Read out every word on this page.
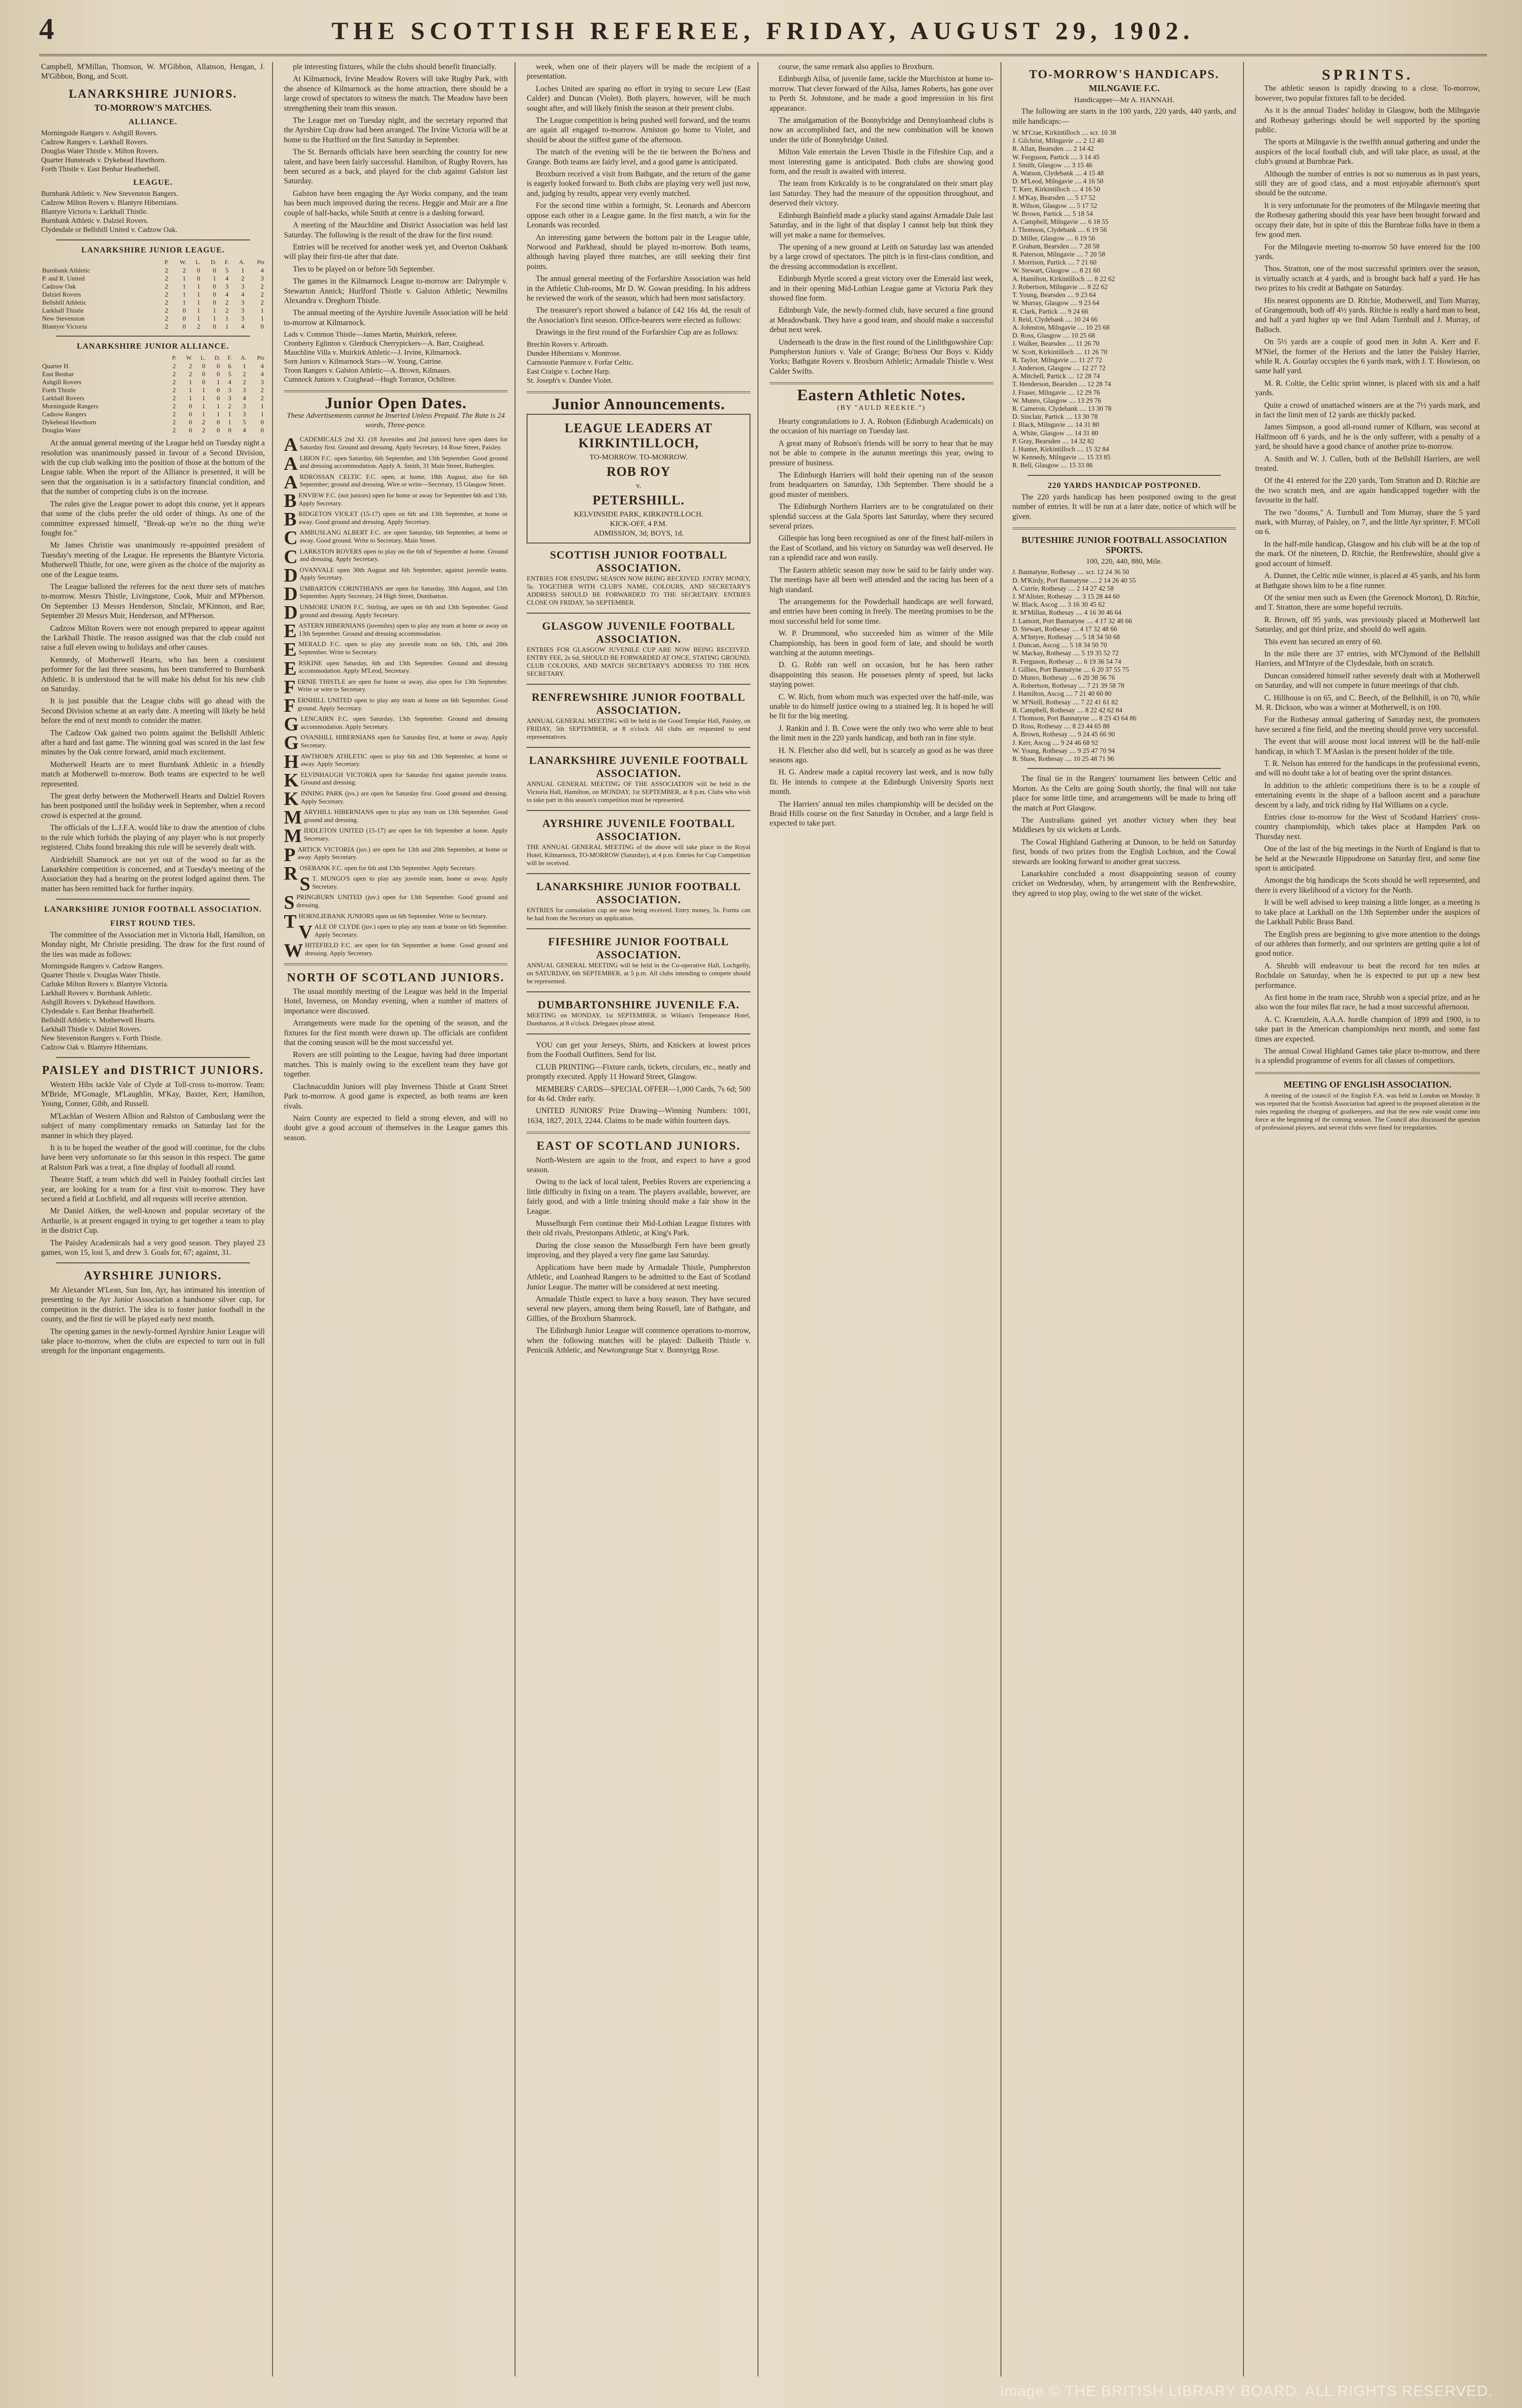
4	THE SCOTTISH REFEREE, FRIDAY, AUGUST 29, 1902.

Campbell, M'Millan, Thomson, W. M'Gibbon, Allanson, Hengan, J. M'Gibbon, Bong, and Scott.

LANARKSHIRE JUNIORS.
TO-MORROW'S MATCHES.
ALLIANCE.
Morningside Rangers v. Ashgill Rovers.
Cadzow Rangers v. Larkhall Rovers.
Douglas Water Thistle v. Milton Rovers.
Quarter Hunsteads v. Dykehead Hawthorn.
Forth Thistle v. East Benhar Heatherbell.
LEAGUE.
Burnbank Athletic v. New Stevenston Bangers.
Cadzow Milton Rovers v. Blantyre Hibernians.
Blantyre Victoria v. Larkhall Thistle.
Burnbank Athletic v. Dalziel Rovers.
Clydesdale or Bellshill United v. Cadzow Oak.
LANARKSHIRE JUNIOR LEAGUE.
	P.	W.	L.	D.	F.	A.	Pts
Burnbank Athletic	2	2	0	0	5	1	4
P. and R. United	2	1	0	1	4	2	3
Cadzow Oak	2	1	1	0	3	3	2
Dalziel Rovers	2	1	1	0	4	4	2
Bellshill Athletic	2	1	1	0	2	3	2
Larkhall Thistle	2	0	1	1	2	3	1
New Stevenston	2	0	1	1	1	3	1
Blantyre Victoria	2	0	2	0	1	4	0
LANARKSHIRE JUNIOR ALLIANCE.
	P.	W.	L.	D.	F.	A.	Pts
Quarter H.	2	2	0	0	6	1	4
East Benhar	2	2	0	0	5	2	4
Ashgill Rovers	2	1	0	1	4	2	3
Forth Thistle	2	1	1	0	3	3	2
Larkhall Rovers	2	1	1	0	3	4	2
Morningside Rangers	2	0	1	1	2	3	1
Cadzow Rangers	2	0	1	1	1	3	1
Dykehead Hawthorn	2	0	2	0	1	5	0
Douglas Water	2	0	2	0	0	4	0

At the annual general meeting of the League held on Tuesday night a resolution was unanimously passed in favour of a Second Division, with the cup club walking into the position of those at the bottom of the League table. When the report of the Alliance is presented, it will be seen that the organisation is in a satisfactory financial condition, and that the number of competing clubs is on the increase.

The rules give the League power to adopt this course, yet it appears that some of the clubs prefer the old order of things. As one of the committee expressed himself, "Break-up we're no the thing we're fought for."

Mr James Christie was unanimously re-appointed president of Tuesday's meeting of the League. He represents the Blantyre Victoria. Motherwell Thistle, for one, were given as the choice of the majority as one of the League teams.

The League balloted the referees for the next three sets of matches to-morrow. Messrs Thistle, Livingstone, Cook, Muir and M'Pherson. On September 13 Messrs Henderson, Sinclair, M'Kinnon, and Rae; September 20 Messrs Muir, Henderson, and M'Pherson.

Cadzow Milton Rovers were not enough prepared to appear against the Larkhall Thistle. The reason assigned was that the club could not raise a full eleven owing to holidays and other causes.

Kennedy, of Motherwell Hearts, who has been a consistent performer for the last three seasons, has been transferred to Burnbank Athletic. It is understood that he will make his debut for his new club on Saturday.

It is just possible that the League clubs will go ahead with the Second Division scheme at an early date. A meeting will likely be held before the end of next month to consider the matter.

The Cadzow Oak gained two points against the Bellshill Athletic after a hard and fast game. The winning goal was scored in the last few minutes by the Oak centre forward, amid much excitement.

Motherwell Hearts are to meet Burnbank Athletic in a friendly match at Motherwell to-morrow. Both teams are expected to be well represented.

The great derby between the Motherwell Hearts and Dalziel Rovers has been postponed until the holiday week in September, when a record crowd is expected at the ground.

The officials of the L.J.F.A. would like to draw the attention of clubs to the rule which forbids the playing of any player who is not properly registered. Clubs found breaking this rule will be severely dealt with.

Airdriehill Shamrock are not yet out of the wood so far as the Lanarkshire competition is concerned, and at Tuesday's meeting of the Association they had a hearing on the protest lodged against them. The matter has been remitted back for further inquiry.

LANARKSHIRE JUNIOR FOOTBALL ASSOCIATION.
FIRST ROUND TIES.

The committee of the Association met in Victoria Hall, Hamilton, on Monday night, Mr Christie presiding. The draw for the first round of the ties was made as follows:

Morningside Rangers v. Cadzow Rangers.
Quarter Thistle v. Douglas Water Thistle.
Carluke Milton Rovers v. Blantyre Victoria.
Larkhall Rovers v. Burnbank Athletic.
Ashgill Rovers v. Dykehead Hawthorn.
Clydesdale v. East Benhar Heatherbell.
Bellshill Athletic v. Motherwell Hearts.
Larkhall Thistle v. Dalziel Rovers.
New Stevenston Rangers v. Forth Thistle.
Cadzow Oak v. Blantyre Hibernians.
PAISLEY and DISTRICT JUNIORS.

Western Hibs tackle Vale of Clyde at Toll-cross to-morrow. Team: M'Bride, M'Gonagle, M'Laughlin, M'Kay, Baxter, Kerr, Hamilton, Young, Conner, Gibb, and Russell.

M'Lachlan of Western Albion and Ralston of Cambuslang were the subject of many complimentary remarks on Saturday last for the manner in which they played.

It is to be hoped the weather of the good will continue, for the clubs have been very unfortunate so far this season in this respect. The game at Ralston Park was a treat, a fine display of football all round.

Theatre Staff, a team which did well in Paisley football circles last year, are looking for a team for a first visit to-morrow. They have secured a field at Lochfield, and all requests will receive attention.

Mr Daniel Aitken, the well-known and popular secretary of the Arthurlie, is at present engaged in trying to get together a team to play in the district Cup.

The Paisley Academicals had a very good season. They played 23 games, won 15, lost 5, and drew 3. Goals for, 67; against, 31.

AYRSHIRE JUNIORS.

Mr Alexander M'Lean, Sun Inn, Ayr, has intimated his intention of presenting to the Ayr Junior Association a handsome silver cup, for competition in the district. The idea is to foster junior football in the county, and the first tie will be played early next month.

The opening games in the newly-formed Ayrshire Junior League will take place to-morrow, when the clubs are expected to turn out in full strength for the important engagements.

ple interesting fixtures, while the clubs should benefit financially.

At Kilmarnock, Irvine Meadow Rovers will take Rugby Park, with the absence of Kilmarnock as the home attraction, there should be a large crowd of spectators to witness the match. The Meadow have been strengthening their team this season.

The League met on Tuesday night, and the secretary reported that the Ayrshire Cup draw had been arranged. The Irvine Victoria will be at home to the Hurlford on the first Saturday in September.

The St. Bernards officials have been searching the country for new talent, and have been fairly successful. Hamilton, of Rugby Rovers, has been secured as a back, and played for the club against Galston last Saturday.

Galston have been engaging the Ayr Works company, and the team has been much improved during the recess. Heggie and Muir are a fine couple of half-backs, while Smith at centre is a dashing forward.

A meeting of the Mauchline and District Association was held last Saturday. The following is the result of the draw for the first round:

Entries will be received for another week yet, and Overton Oakbank will play their first-tie after that date.

Ties to be played on or before 5th September.

The games in the Kilmarnock League to-morrow are: Dalrymple v. Stewarton Annick; Hurlford Thistle v. Galston Athletic; Newmilns Alexandra v. Dreghorn Thistle.

The annual meeting of the Ayrshire Juvenile Association will be held to-morrow at Kilmarnock.

Lads v. Common Thistle—James Martin, Muirkirk, referee.
Cronberry Eglinton v. Glenbuck Cherrypickers—A. Barr, Craighead.
Mauchline Villa v. Muirkirk Athletic—J. Irvine, Kilmarnock.
Sorn Juniors v. Kilmarnock Stars—W. Young, Catrine.
Troon Rangers v. Galston Athletic—A. Brown, Kilmaurs.
Cumnock Juniors v. Craighead—Hugh Torrance, Ochiltree.
Junior Open Dates.
These Advertisements cannot be Inserted Unless Prepaid. The Rate is 24 words, Three-pence.

ACADEMICALS 2nd XI. (18 Juveniles and 2nd juniors) have open dates for Saturday first. Ground and dressing. Apply Secretary, 14 Rose Street, Paisley.

ALBION F.C. open Saturday, 6th September, and 13th September. Good ground and dressing accommodation. Apply A. Smith, 31 Main Street, Rutherglen.

ARDROSSAN CELTIC F.C. open, at home, 18th August, also for 6th September; ground and dressing. Wire or write—Secretary, 15 Glasgow Street.

BENVIEW F.C. (not juniors) open for home or away for September 6th and 13th. Apply Secretary.

BRIDGETON VIOLET (15-17) open on 6th and 13th September, at home or away. Good ground and dressing. Apply Secretary.

CAMBUSLANG ALBERT F.C. are open Saturday, 6th September, at home or away. Good ground. Write to Secretary, Main Street.

CLARKSTON ROVERS open to play on the 6th of September at home. Ground and dressing. Apply Secretary.

DOVANVALE open 30th August and 6th September, against juvenile teams. Apply Secretary.

DUMBARTON CORINTHIANS are open for Saturday, 30th August, and 13th September. Apply Secretary, 24 High Street, Dumbarton.

DUNMORE UNION F.C. Stirling, are open on 6th and 13th September. Good ground and dressing. Apply Secretary.

EASTERN HIBERNIANS (juveniles) open to play any team at home or away on 13th September. Ground and dressing accommodation.

EMERALD F.C. open to play any juvenile team on 6th, 13th, and 20th September. Write to Secretary.

ERSKINE open Saturday, 6th and 13th September. Ground and dressing accommodation. Apply M'Leod, Secretary.

FERNIE THISTLE are open for home or away, also open for 13th September. Write or wire to Secretary.

FERNHILL UNITED open to play any team at home on 6th September. Good ground. Apply Secretary.

GLENCAIRN F.C. open Saturday, 13th September. Ground and dressing accommodation. Apply Secretary.

GOVANHILL HIBERNIANS open for Saturday first, at home or away. Apply Secretary.

HAWTHORN ATHLETIC open to play 6th and 13th September, at home or away. Apply Secretary.

KELVINHAUGH VICTORIA open for Saturday first against juvenile teams. Ground and dressing.

KINNING PARK (jvs.) are open for Saturday first. Good ground and dressing. Apply Secretary.

MARYHILL HIBERNIANS open to play any team on 13th September. Good ground and dressing.

MIDDLETON UNITED (15-17) are open for 6th September at home. Apply Secretary.

PARTICK VICTORIA (juv.) are open for 13th and 20th September, at home or away. Apply Secretary.

ROSEBANK F.C. open for 6th and 13th September. Apply Secretary.

S T. MUNGO'S open to play any juvenile team, home or away. Apply Secretary.

SPRINGBURN UNITED (juv.) open for 13th September. Good ground and dressing.

THORNLIEBANK JUNIORS open on 6th September. Write to Secretary.

VALE OF CLYDE (juv.) open to play any team at home on 6th September. Apply Secretary.

WHITEFIELD F.C. are open for 6th September at home. Good ground and dressing. Apply Secretary.

NORTH OF SCOTLAND JUNIORS.

The usual monthly meeting of the League was held in the Imperial Hotel, Inverness, on Monday evening, when a number of matters of importance were discussed.

Arrangements were made for the opening of the season, and the fixtures for the first month were drawn up. The officials are confident that the coming season will be the most successful yet.

Rovers are still pointing to the League, having had three important matches. This is mainly owing to the excellent team they have got together.

Clachnacuddin Juniors will play Inverness Thistle at Grant Street Park to-morrow. A good game is expected, as both teams are keen rivals.

Nairn County are expected to field a strong eleven, and will no doubt give a good account of themselves in the League games this season.

week, when one of their players will be made the recipient of a presentation.

Loches United are sparing no effort in trying to secure Lew (East Calder) and Duncan (Violet). Both players, however, will be much sought after, and will likely finish the season at their present clubs.

The League competition is being pushed well forward, and the teams are again all engaged to-morrow. Arniston go home to Violet, and should be about the stiffest game of the afternoon.

The match of the evening will be the tie between the Bo'ness and Grange. Both teams are fairly level, and a good game is anticipated.

Broxburn received a visit from Bathgate, and the return of the game is eagerly looked forward to. Both clubs are playing very well just now, and, judging by results, appear very evenly matched.

For the second time within a fortnight, St. Leonards and Abercorn oppose each other in a League game. In the first match, a win for the Leonards was recorded.

An interesting game between the bottom pair in the League table, Norwood and Parkhead, should be played to-morrow. Both teams, although having played three matches, are still seeking their first points.

The annual general meeting of the Forfarshire Association was held in the Athletic Club-rooms, Mr D. W. Gowan presiding. In his address he reviewed the work of the season, which had been most satisfactory.

The treasurer's report showed a balance of £42 16s 4d, the result of the Association's first season. Office-bearers were elected as follows:

Drawings in the first round of the Forfarshire Cup are as follows:

Brechin Rovers v. Arbroath.
Dundee Hibernians v. Montrose.
Carnoustie Panmure v. Forfar Celtic.
East Craigie v. Lochee Harp.
St. Joseph's v. Dundee Violet.
Junior Announcements.
LEAGUE LEADERS AT KIRKINTILLOCH,
TO-MORROW. TO-MORROW.
ROB ROY
v.
PETERSHILL.
KELVINSIDE PARK, KIRKINTILLOCH.
KICK-OFF, 4 P.M.
ADMISSION, 3d; BOYS, 1d.
SCOTTISH JUNIOR FOOTBALL ASSOCIATION.
ENTRIES FOR ENSUING SEASON NOW BEING RECEIVED. ENTRY MONEY, 5s. TOGETHER WITH CLUB'S NAME, COLOURS, AND SECRETARY'S ADDRESS SHOULD BE FORWARDED TO THE SECRETARY. ENTRIES CLOSE ON FRIDAY, 5th SEPTEMBER.
GLASGOW JUVENILE FOOTBALL ASSOCIATION.
ENTRIES FOR GLASGOW JUVENILE CUP ARE NOW BEING RECEIVED. ENTRY FEE, 2s 6d, SHOULD BE FORWARDED AT ONCE, STATING GROUND, CLUB COLOURS, AND MATCH SECRETARY'S ADDRESS TO THE HON. SECRETARY.
RENFREWSHIRE JUNIOR FOOTBALL ASSOCIATION.
ANNUAL GENERAL MEETING will be held in the Good Templar Hall, Paisley, on FRIDAY, 5th SEPTEMBER, at 8 o'clock. All clubs are requested to send representatives.
LANARKSHIRE JUVENILE FOOTBALL ASSOCIATION.
ANNUAL GENERAL MEETING OF THE ASSOCIATION will be held in the Victoria Hall, Hamilton, on MONDAY, 1st SEPTEMBER, at 8 p.m. Clubs who wish to take part in this season's competition must be represented.
AYRSHIRE JUVENILE FOOTBALL ASSOCIATION.
THE ANNUAL GENERAL MEETING of the above will take place in the Royal Hotel, Kilmarnock, TO-MORROW (Saturday), at 4 p.m. Entries for Cup Competition will be received.
LANARKSHIRE JUNIOR FOOTBALL ASSOCIATION.
ENTRIES for consolation cup are now being received. Entry money, 5s. Forms can be had from the Secretary on application.
FIFESHIRE JUNIOR FOOTBALL ASSOCIATION.
ANNUAL GENERAL MEETING will be held in the Co-operative Hall, Lochgelly, on SATURDAY, 6th SEPTEMBER, at 5 p.m. All clubs intending to compete should be represented.
DUMBARTONSHIRE JUVENILE F.A.
MEETING on MONDAY, 1st SEPTEMBER, in Wiliam's Temperance Hotel, Dumbarton, at 8 o'clock. Delegates please attend.

YOU can get your Jerseys, Shirts, and Knickers at lowest prices from the Football Outfitters. Send for list.

CLUB PRINTING—Fixture cards, tickets, circulars, etc., neatly and promptly executed. Apply 11 Howard Street, Glasgow.

MEMBERS' CARDS—SPECIAL OFFER—1,000 Cards, 7s 6d; 500 for 4s 6d. Order early.

UNITED JUNIORS' Prize Drawing—Winning Numbers: 1001, 1634, 1827, 2013, 2244. Claims to be made within fourteen days.

EAST OF SCOTLAND JUNIORS.

North-Western are again to the front, and expect to have a good season.

Owing to the lack of local talent, Peebles Rovers are experiencing a little difficulty in fixing on a team. The players available, however, are fairly good, and with a little training should make a fair show in the League.

Musselburgh Fern continue their Mid-Lothian League fixtures with their old rivals, Prestonpans Athletic, at King's Park.

During the close season the Musselburgh Fern have been greatly improving, and they played a very fine game last Saturday.

Applications have been made by Armadale Thistle, Pumpherston Athletic, and Loanhead Rangers to be admitted to the East of Scotland Junior League. The matter will be considered at next meeting.

Armadale Thistle expect to have a busy season. They have secured several new players, among them being Russell, late of Bathgate, and Gillies, of the Broxburn Shamrock.

The Edinburgh Junior League will commence operations to-morrow, when the following matches will be played: Dalkeith Thistle v. Penicuik Athletic, and Newtongrange Star v. Bonnyrigg Rose.

course, the same remark also applies to Broxburn.

Edinburgh Ailsa, of juvenile fame, tackle the Murchiston at home to-morrow. That clever forward of the Ailsa, James Roberts, has gone over to Perth St. Johnstone, and he made a good impression in his first appearance.

The amalgamation of the Bonnybridge and Dennyloanhead clubs is now an accomplished fact, and the new combination will be known under the title of Bonnybridge United.

Milton Vale entertain the Leven Thistle in the Fifeshire Cup, and a most interesting game is anticipated. Both clubs are showing good form, and the result is awaited with interest.

The team from Kirkcaldy is to be congratulated on their smart play last Saturday. They had the measure of the opposition throughout, and deserved their victory.

Edinburgh Bainfield made a plucky stand against Armadale Dale last Saturday, and in the light of that display I cannot help but think they will yet make a name for themselves.

The opening of a new ground at Leith on Saturday last was attended by a large crowd of spectators. The pitch is in first-class condition, and the dressing accommodation is excellent.

Edinburgh Myrtle scored a great victory over the Emerald last week, and in their opening Mid-Lothian League game at Victoria Park they showed fine form.

Edinburgh Vale, the newly-formed club, have secured a fine ground at Meadowbank. They have a good team, and should make a successful debut next week.

Underneath is the draw in the first round of the Linlithgowshire Cup: Pumpherston Juniors v. Vale of Grange; Bo'ness Our Boys v. Kiddy Yorks; Bathgate Rovers v. Broxburn Athletic; Armadale Thistle v. West Calder Swifts.

Eastern Athletic Notes.
(BY "AULD REEKIE.")

Hearty congratulations to J. A. Robson (Edinburgh Academicals) on the occasion of his marriage on Tuesday last.

A great many of Robson's friends will be sorry to hear that he may not be able to compete in the autumn meetings this year, owing to pressure of business.

The Edinburgh Harriers will hold their opening run of the season from headquarters on Saturday, 13th September. There should be a good muster of members.

The Edinburgh Northern Harriers are to be congratulated on their splendid success at the Gala Sports last Saturday, where they secured several prizes.

Gillespie has long been recognised as one of the finest half-milers in the East of Scotland, and his victory on Saturday was well deserved. He ran a splendid race and won easily.

The Eastern athletic season may now be said to be fairly under way. The meetings have all been well attended and the racing has been of a high standard.

The arrangements for the Powderhall handicaps are well forward, and entries have been coming in freely. The meeting promises to be the most successful held for some time.

W. P. Drummond, who succeeded him as winner of the Mile Championship, has been in good form of late, and should be worth watching at the autumn meetings.

D. G. Robb ran well on occasion, but he has been rather disappointing this season. He possesses plenty of speed, but lacks staying power.

C. W. Rich, from whom much was expected over the half-mile, was unable to do himself justice owing to a strained leg. It is hoped he will be fit for the big meeting.

J. Rankin and J. B. Cowe were the only two who were able to beat the limit men in the 220 yards handicap, and both ran in fine style.

H. N. Fletcher also did well, but is scarcely as good as he was three seasons ago.

H. G. Andrew made a capital recovery last week, and is now fully fit. He intends to compete at the Edinburgh University Sports next month.

The Harriers' annual ten miles championship will be decided on the Braid Hills course on the first Saturday in October, and a large field is expected to take part.

TO-MORROW'S HANDICAPS.
MILNGAVIE F.C.
Handicapper—Mr A. HANNAH.

The following are starts in the 100 yards, 220 yards, 440 yards, and mile handicaps:—

W. M'Crae, Kirkintilloch .... scr. 10 38
J. Gilchrist, Milngavie .... 2 12 40
R. Allan, Bearsden .... 2 14 42
W. Ferguson, Partick .... 3 14 45
J. Smith, Glasgow .... 3 15 46
A. Watson, Clydebank .... 4 15 48
D. M'Leod, Milngavie .... 4 16 50
T. Kerr, Kirkintilloch .... 4 16 50
J. M'Kay, Bearsden .... 5 17 52
R. Wilson, Glasgow .... 5 17 52
W. Brown, Partick .... 5 18 54
A. Campbell, Milngavie .... 6 18 55
J. Thomson, Clydebank .... 6 19 56
D. Miller, Glasgow .... 6 19 56
P. Graham, Bearsden .... 7 20 58
R. Paterson, Milngavie .... 7 20 58
J. Morrison, Partick .... 7 21 60
W. Stewart, Glasgow .... 8 21 60
A. Hamilton, Kirkintilloch .... 8 22 62
J. Robertson, Milngavie .... 8 22 62
T. Young, Bearsden .... 9 23 64
W. Murray, Glasgow .... 9 23 64
R. Clark, Partick .... 9 24 66
J. Reid, Clydebank .... 10 24 66
A. Johnston, Milngavie .... 10 25 68
D. Ross, Glasgow .... 10 25 68
J. Walker, Bearsden .... 11 26 70
W. Scott, Kirkintilloch .... 11 26 70
R. Taylor, Milngavie .... 11 27 72
J. Anderson, Glasgow .... 12 27 72
A. Mitchell, Partick .... 12 28 74
T. Henderson, Bearsden .... 12 28 74
J. Fraser, Milngavie .... 12 29 76
W. Munro, Glasgow .... 13 29 76
R. Cameron, Clydebank .... 13 30 78
D. Sinclair, Partick .... 13 30 78
J. Black, Milngavie .... 14 31 80
A. White, Glasgow .... 14 31 80
P. Gray, Bearsden .... 14 32 82
J. Hunter, Kirkintilloch .... 15 32 84
W. Kennedy, Milngavie .... 15 33 85
R. Bell, Glasgow .... 15 33 86
220 YARDS HANDICAP POSTPONED.

The 220 yards handicap has been postponed owing to the great number of entries. It will be run at a later date, notice of which will be given.

BUTESHIRE JUNIOR FOOTBALL ASSOCIATION SPORTS.
100, 220, 440, 880, Mile.
J. Bannatyne, Rothesay .... scr. 12 24 36 50
D. M'Kirdy, Port Bannatyne .... 2 14 26 40 55
A. Currie, Rothesay .... 2 14 27 42 58
J. M'Alister, Rothesay .... 3 15 28 44 60
W. Black, Ascog .... 3 16 30 45 62
R. M'Millan, Rothesay .... 4 16 30 46 64
J. Lamont, Port Bannatyne .... 4 17 32 48 66
D. Stewart, Rothesay .... 4 17 32 48 66
A. M'Intyre, Rothesay .... 5 18 34 50 68
J. Duncan, Ascog .... 5 18 34 50 70
W. Mackay, Rothesay .... 5 19 35 52 72
R. Ferguson, Rothesay .... 6 19 36 54 74
J. Gillies, Port Bannatyne .... 6 20 37 55 75
D. Munro, Rothesay .... 6 20 38 56 76
A. Robertson, Rothesay .... 7 21 39 58 78
J. Hamilton, Ascog .... 7 21 40 60 80
W. M'Neill, Rothesay .... 7 22 41 61 82
R. Campbell, Rothesay .... 8 22 42 62 84
J. Thomson, Port Bannatyne .... 8 23 43 64 86
D. Ross, Rothesay .... 8 23 44 65 88
A. Brown, Rothesay .... 9 24 45 66 90
J. Kerr, Ascog .... 9 24 46 68 92
W. Young, Rothesay .... 9 25 47 70 94
R. Shaw, Rothesay .... 10 25 48 71 96

The final tie in the Rangers' tournament lies between Celtic and Morton. As the Celts are going South shortly, the final will not take place for some little time, and arrangements will be made to bring off the match at Port Glasgow.

The Australians gained yet another victory when they beat Middlesex by six wickets at Lords.

The Cowal Highland Gathering at Dunoon, to be held on Saturday first, bonds of two prizes from the English Lochton, and the Cowal stewards are looking forward to another great success.

Lanarkshire concluded a most disappointing season of county cricket on Wednesday, when, by arrangement with the Renfrewshire, they agreed to stop play, owing to the wet state of the wicket.

SPRINTS.

The athletic season is rapidly drawing to a close. To-morrow, however, two popular fixtures fall to be decided.

As it is the annual Trades' holiday in Glasgow, both the Milngavie and Rothesay gatherings should be well supported by the sporting public.

The sports at Milngavie is the twelfth annual gathering and under the auspices of the local football club, and will take place, as usual, at the club's ground at Burnbrae Park.

Although the number of entries is not so numerous as in past years, still they are of good class, and a most enjoyable afternoon's sport should be the outcome.

It is very unfortunate for the promoters of the Milngavie meeting that the Rothesay gathering should this year have been brought forward and occupy their date, but in spite of this the Burnbrae folks have in them a few good men.

For the Milngavie meeting to-morrow 50 have entered for the 100 yards.

Thos. Stratton, one of the most successful sprinters over the season, is virtually scratch at 4 yards, and is brought back half a yard. He has two prizes to his credit at Bathgate on Saturday.

His nearest opponents are D. Ritchie, Motherwell, and Tom Murray, of Grangemouth, both off 4½ yards. Ritchie is really a hard man to beat, and half a yard higher up we find Adam Turnbull and J. Murray, of Balloch.

On 5½ yards are a couple of good men in John A. Kerr and F. M'Niel, the former of the Heriots and the latter the Paisley Harrier, while R. A. Gourlay occupies the 6 yards mark, with J. T. Howieson, on same half yard.

M. R. Coltie, the Celtic sprint winner, is placed with six and a half yards.

Quite a crowd of unattached winners are at the 7½ yards mark, and in fact the limit men of 12 yards are thickly packed.

James Simpson, a good all-round runner of Kilbarn, was second at Halfmoon off 6 yards, and he is the only sufferer, with a penalty of a yard, he should have a good chance of another prize to-morrow.

A. Smith and W. J. Cullen, both of the Bellshill Harriers, are well treated.

Of the 41 entered for the 220 yards, Tom Stratton and D. Ritchie are the two scratch men, and are again handicapped together with the favourite in the half.

The two "dooms," A. Turnbull and Tom Murray, share the 5 yard mark, with Murray, of Paisley, on 7, and the little Ayr sprinter, F. M'Coll on 6.

In the half-mile handicap, Glasgow and his club will be at the top of the mark. Of the nineteen, D. Ritchie, the Renfrewshire, should give a good account of himself.

A. Dunnet, the Celtic mile winner, is placed at 45 yards, and his form at Bathgate shows him to be a fine runner.

Of the senior men such as Ewen (the Greenock Morton), D. Ritchie, and T. Stratton, there are some hopeful recruits.

R. Brown, off 95 yards, was previously placed at Motherwell last Saturday, and got third prize, and should do well again.

This event has secured an entry of 60.

In the mile there are 37 entries, with M'Clymond of the Bellshill Harriers, and M'Intyre of the Clydesdale, both on scratch.

Duncan considered himself rather severely dealt with at Motherwell on Saturday, and will not compete in future meetings of that club.

C. Hillhouse is on 65, and C. Beech, of the Bellshill, is on 70, while M. R. Dickson, who was a winner at Motherwell, is on 100.

For the Rothesay annual gathering of Saturday next, the promoters have secured a fine field, and the meeting should prove very successful.

The event that will arouse most local interest will be the half-mile handicap, in which T. M'Aaslan is the present holder of the title.

T. R. Nelson has entered for the handicaps in the professional events, and will no doubt take a lot of beating over the sprint distances.

In addition to the athletic competitions there is to be a couple of entertaining events in the shape of a balloon ascent and a parachute descent by a lady, and trick riding by Hal Williams on a cycle.

Entries close to-morrow for the West of Scotland Harriers' cross-country championship, which takes place at Hampden Park on Thursday next.

One of the last of the big meetings in the North of England is that to be held at the Newcastle Hippodrome on Saturday first, and some fine sport is anticipated.

Amongst the big handicaps the Scots should be well represented, and there is every likelihood of a victory for the North.

It will be well advised to keep training a little longer, as a meeting is to take place at Larkhall on the 13th September under the auspices of the Larkhall Public Brass Band.

The English press are beginning to give more attention to the doings of our athletes than formerly, and our sprinters are getting quite a lot of good notice.

A. Shrubb will endeavour to beat the record for ten miles at Rochdale on Saturday, when he is expected to put up a new best performance.

As first home in the team race, Shrubb won a special prize, and as he also won the four miles flat race, he had a most successful afternoon.

A. C. Kraenzlein, A.A.A. hurdle champion of 1899 and 1900, is to take part in the American championships next month, and some fast times are expected.

The annual Cowal Highland Games take place to-morrow, and there is a splendid programme of events for all classes of competitors.

MEETING OF ENGLISH ASSOCIATION.

A meeting of the council of the English F.A. was held in London on Monday. It was reported that the Scottish Association had agreed to the proposed alteration in the rules regarding the charging of goalkeepers, and that the new rule would come into force at the beginning of the coming season. The Council also discussed the question of professional players, and several clubs were fined for irregularities.

Image © THE BRITISH LIBRARY BOARD. ALL RIGHTS RESERVED.
